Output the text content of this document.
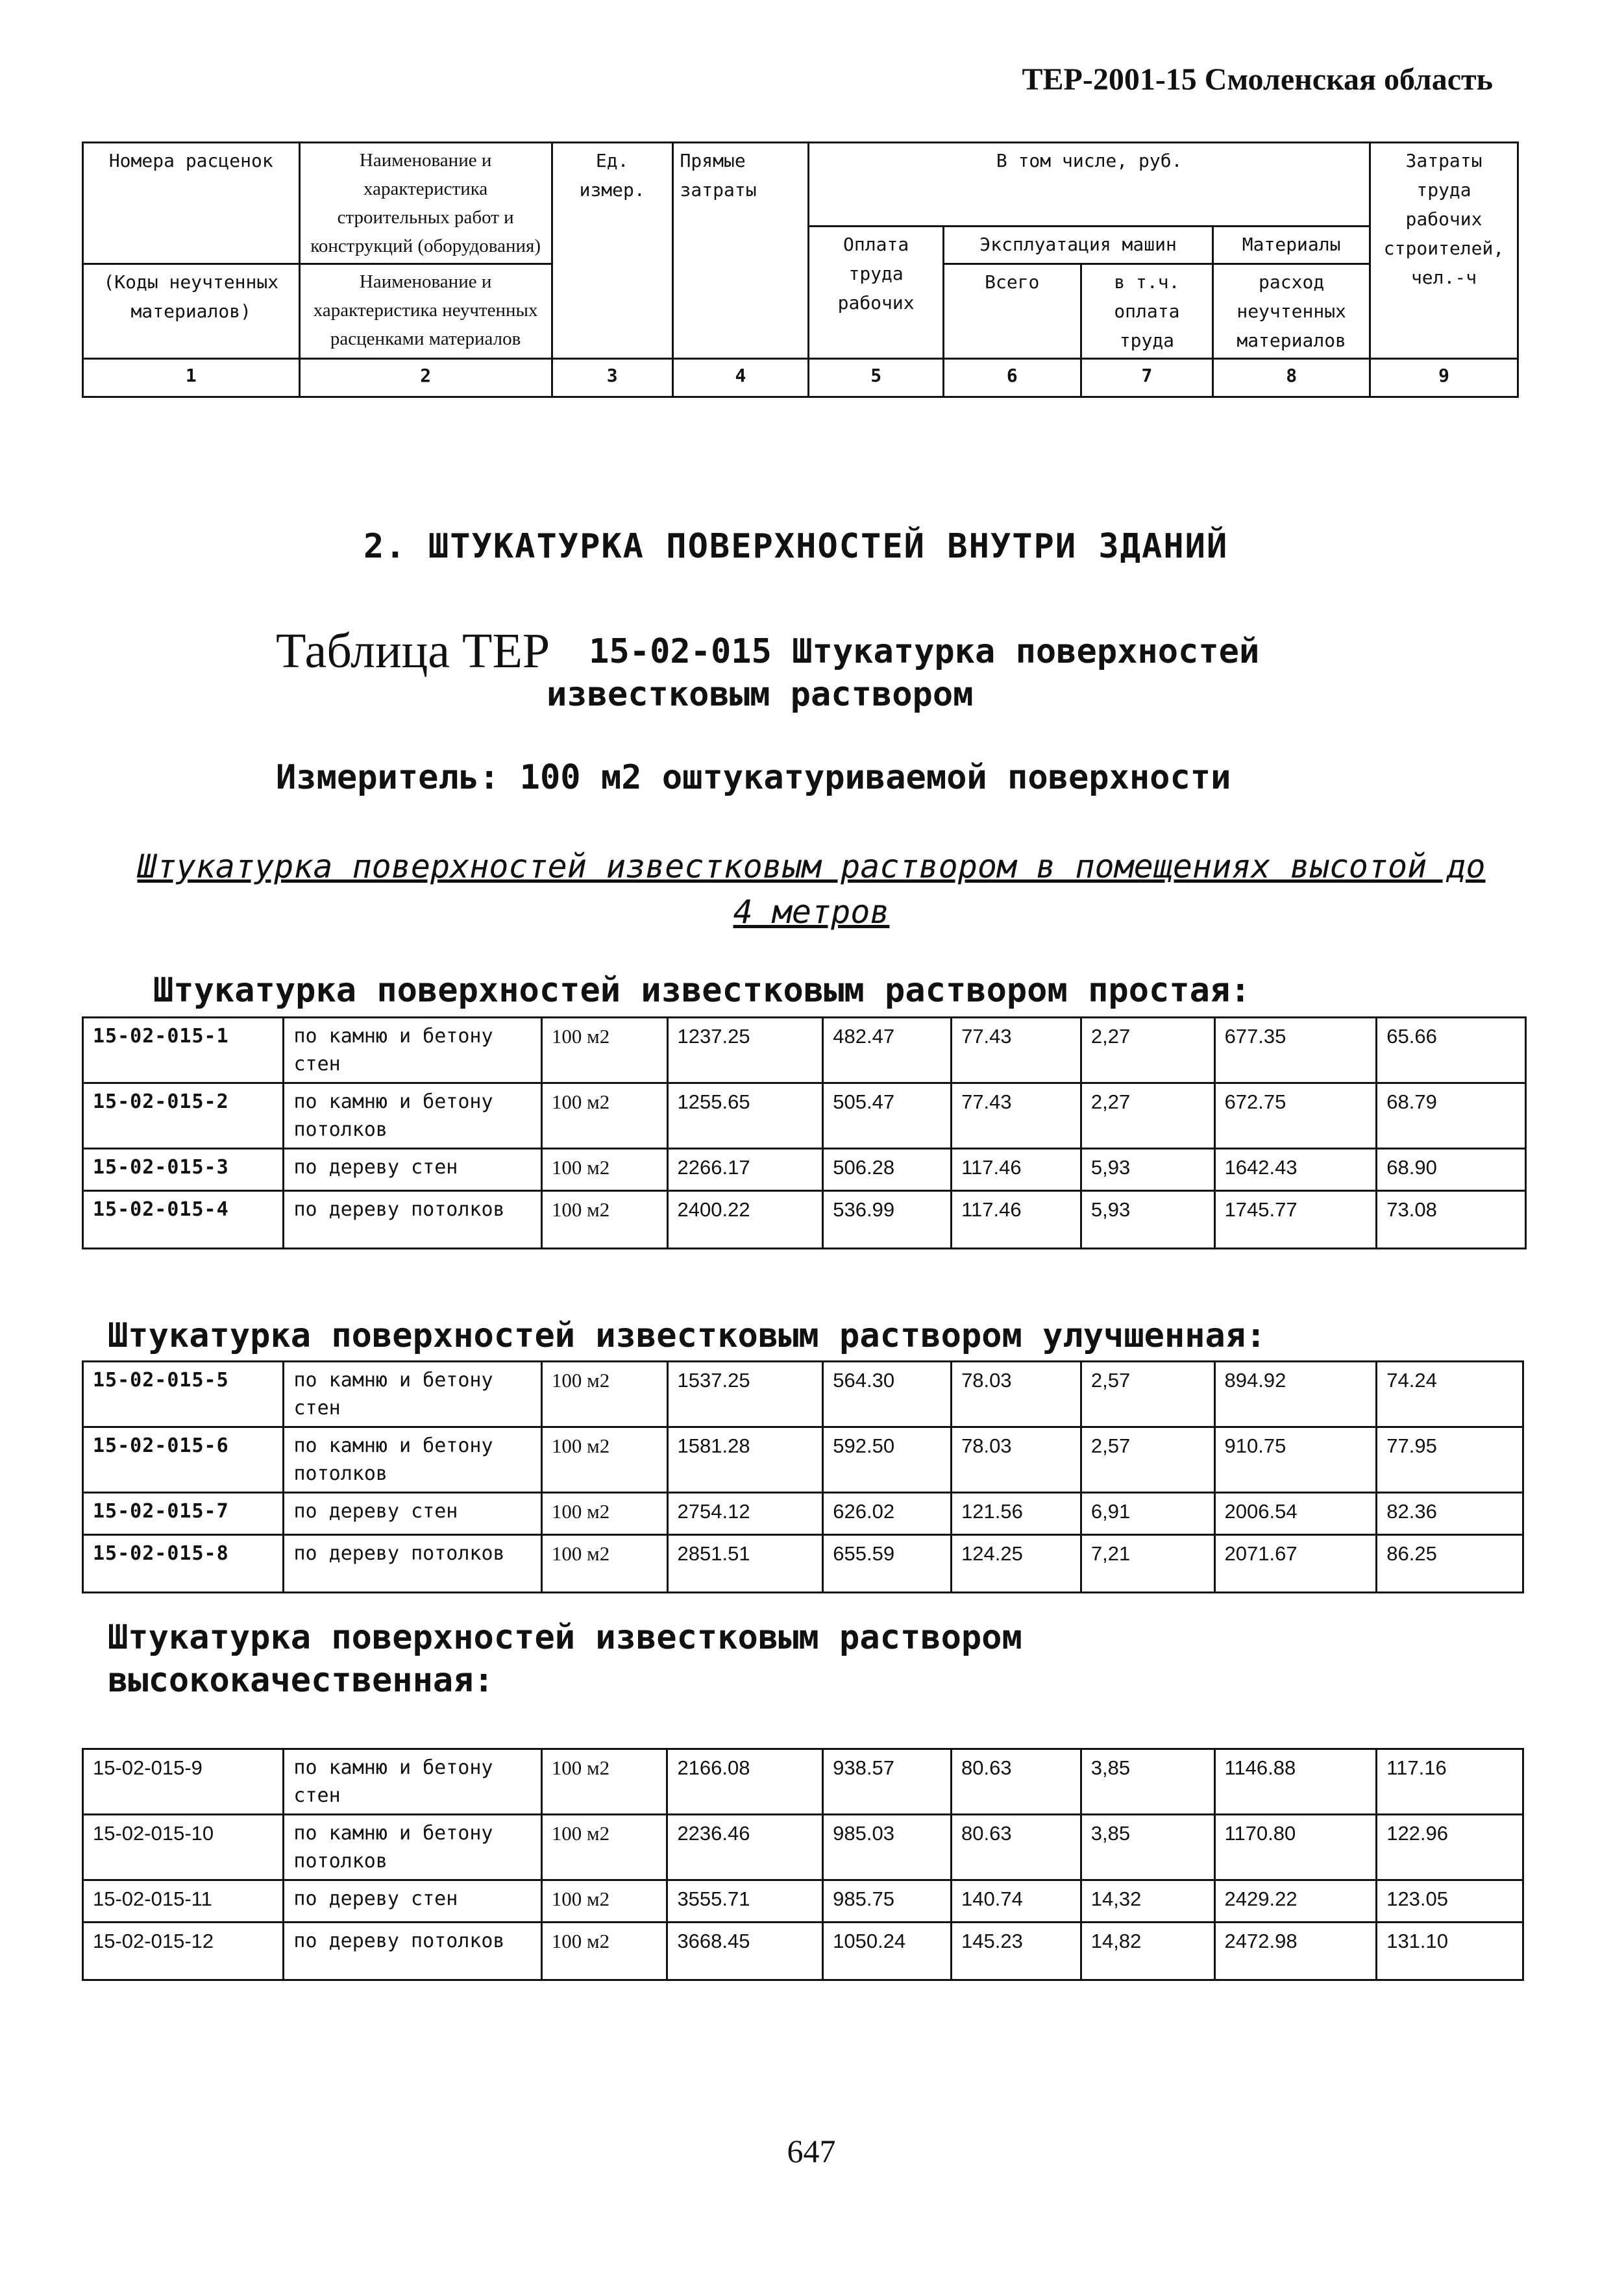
ТЕР-2001-15 Смоленская область
Номера расценок	Наименование и характеристика строительных работ и конструкций (оборудования)	Ед. измер.	Прямые затраты	В том числе, руб.				Затраты труда рабочих строителей, чел.-ч
				Оплата труда рабочих	Эксплуатация машин		Материалы	
(Коды неучтенных материалов)	Наименование и характеристика неучтенных расценками материалов				Всего	в т.ч. оплата труда	расход неучтенных материалов	
1	2	3	4	5	6	7	8	9
2. ШТУКАТУРКА ПОВЕРХНОСТЕЙ ВНУТРИ ЗДАНИЙ
Таблица ТЕР 15-02-015 Штукатурка поверхностей
известковым раствором
Измеритель: 100 м2 оштукатуриваемой поверхности
Штукатурка поверхностей известковым раствором в помещениях высотой до 4 метров
Штукатурка поверхностей известковым раствором простая:
15-02-015-1	по камню и бетону стен	100 м2	1237.25	482.47	77.43	2,27	677.35	65.66
15-02-015-2	по камню и бетону потолков	100 м2	1255.65	505.47	77.43	2,27	672.75	68.79
15-02-015-3	по дереву стен	100 м2	2266.17	506.28	117.46	5,93	1642.43	68.90
15-02-015-4	по дереву потолков	100 м2	2400.22	536.99	117.46	5,93	1745.77	73.08
Штукатурка поверхностей известковым раствором улучшенная:
15-02-015-5	по камню и бетону стен	100 м2	1537.25	564.30	78.03	2,57	894.92	74.24
15-02-015-6	по камню и бетону потолков	100 м2	1581.28	592.50	78.03	2,57	910.75	77.95
15-02-015-7	по дереву стен	100 м2	2754.12	626.02	121.56	6,91	2006.54	82.36
15-02-015-8	по дереву потолков	100 м2	2851.51	655.59	124.25	7,21	2071.67	86.25
Штукатурка поверхностей известковым раствором высококачественная:
15-02-015-9	по камню и бетону стен	100 м2	2166.08	938.57	80.63	3,85	1146.88	117.16
15-02-015-10	по камню и бетону потолков	100 м2	2236.46	985.03	80.63	3,85	1170.80	122.96
15-02-015-11	по дереву стен	100 м2	3555.71	985.75	140.74	14,32	2429.22	123.05
15-02-015-12	по дереву потолков	100 м2	3668.45	1050.24	145.23	14,82	2472.98	131.10
647
